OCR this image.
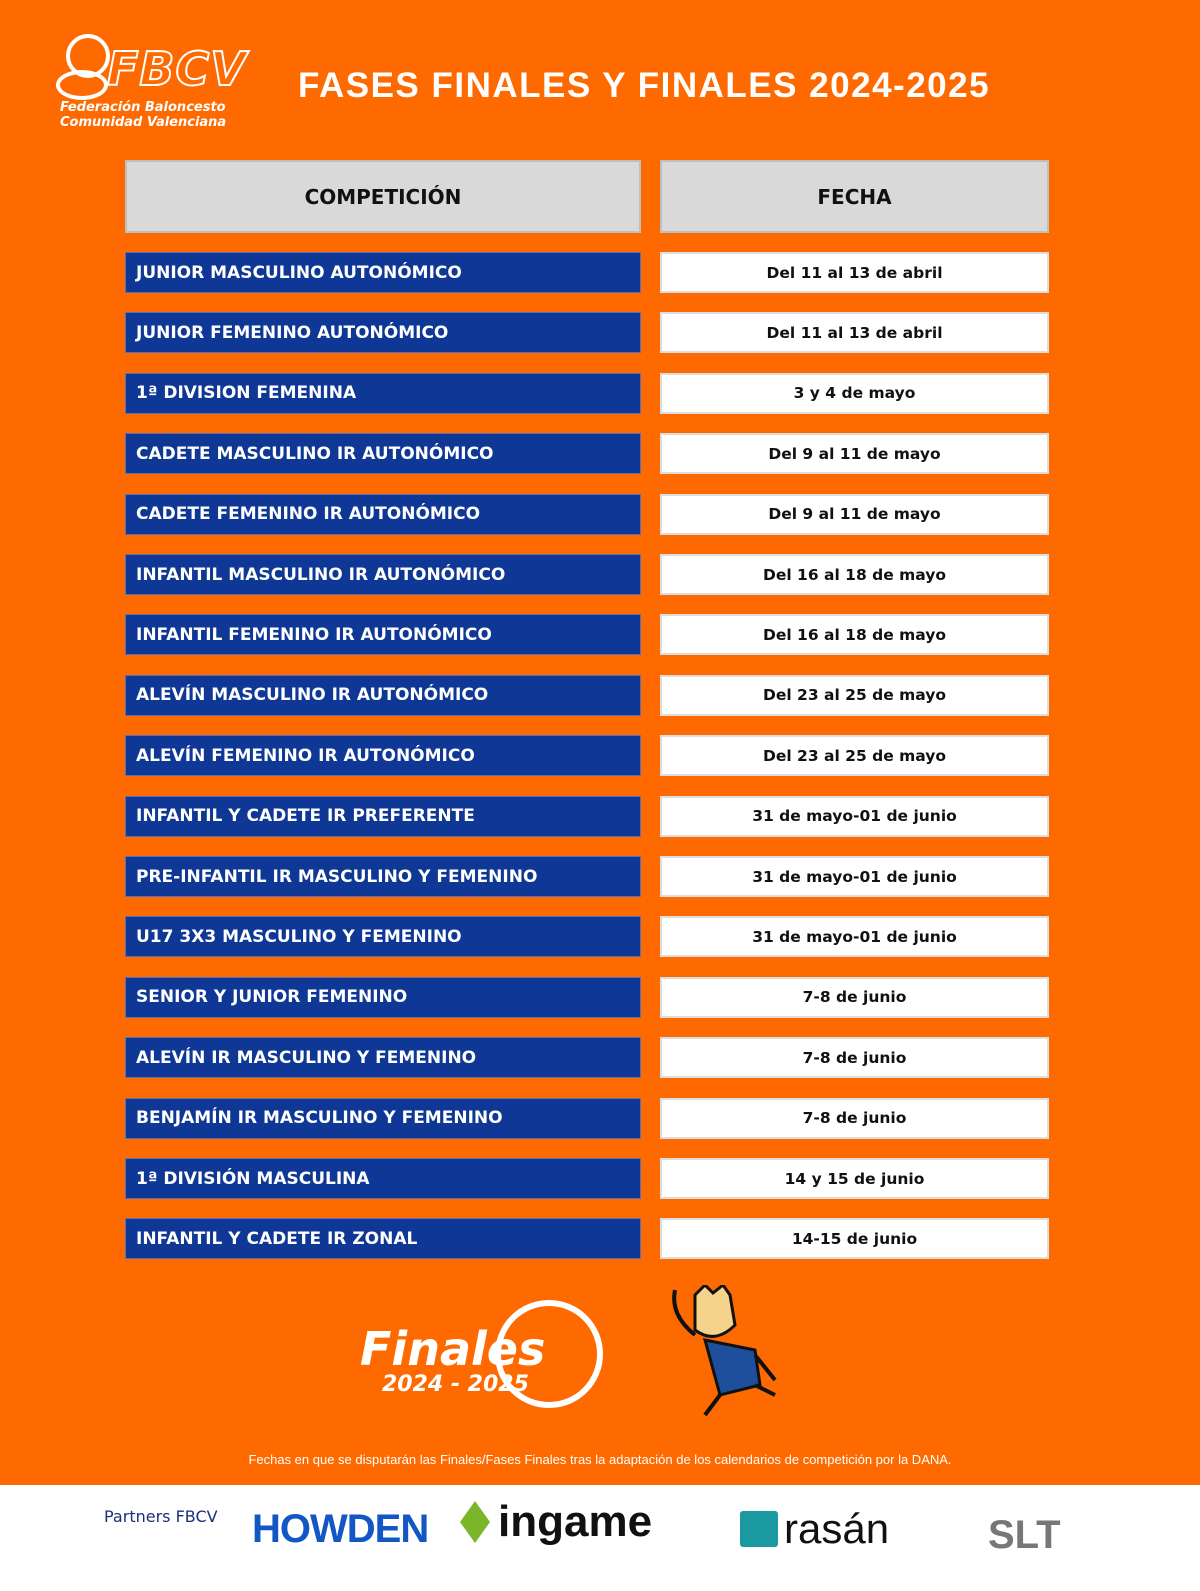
FBCV
Federación Baloncesto
Comunidad Valenciana
FASES FINALES Y FINALES 2024-2025
COMPETICIÓN	FECHA
JUNIOR MASCULINO AUTONÓMICO	Del 11 al 13 de abril
JUNIOR FEMENINO AUTONÓMICO	Del 11 al 13 de abril
1ª DIVISION FEMENINA	3 y 4 de mayo
CADETE MASCULINO IR AUTONÓMICO	Del 9 al 11 de mayo
CADETE FEMENINO IR AUTONÓMICO	Del 9 al 11 de mayo
INFANTIL MASCULINO IR AUTONÓMICO	Del 16 al 18 de mayo
INFANTIL FEMENINO IR AUTONÓMICO	Del 16 al 18 de mayo
ALEVÍN MASCULINO IR AUTONÓMICO	Del 23 al 25 de mayo
ALEVÍN FEMENINO IR AUTONÓMICO	Del 23 al 25 de mayo
INFANTIL Y CADETE IR PREFERENTE	31 de mayo-01 de junio
PRE-INFANTIL IR MASCULINO Y FEMENINO	31 de mayo-01 de junio
U17 3X3 MASCULINO Y FEMENINO	31 de mayo-01 de junio
SENIOR Y JUNIOR FEMENINO	7-8 de junio
ALEVÍN IR MASCULINO Y FEMENINO	7-8 de junio
BENJAMÍN IR MASCULINO Y FEMENINO	7-8 de junio
1ª DIVISIÓN MASCULINA	14 y 15 de junio
INFANTIL Y CADETE IR ZONAL	14-15 de junio
Finales
2024 - 2025
Fechas en que se disputarán las Finales/Fases Finales tras la adaptación de los calendarios de competición por la DANA.
Partners FBCV HOWDEN ingame	rasán SLT
